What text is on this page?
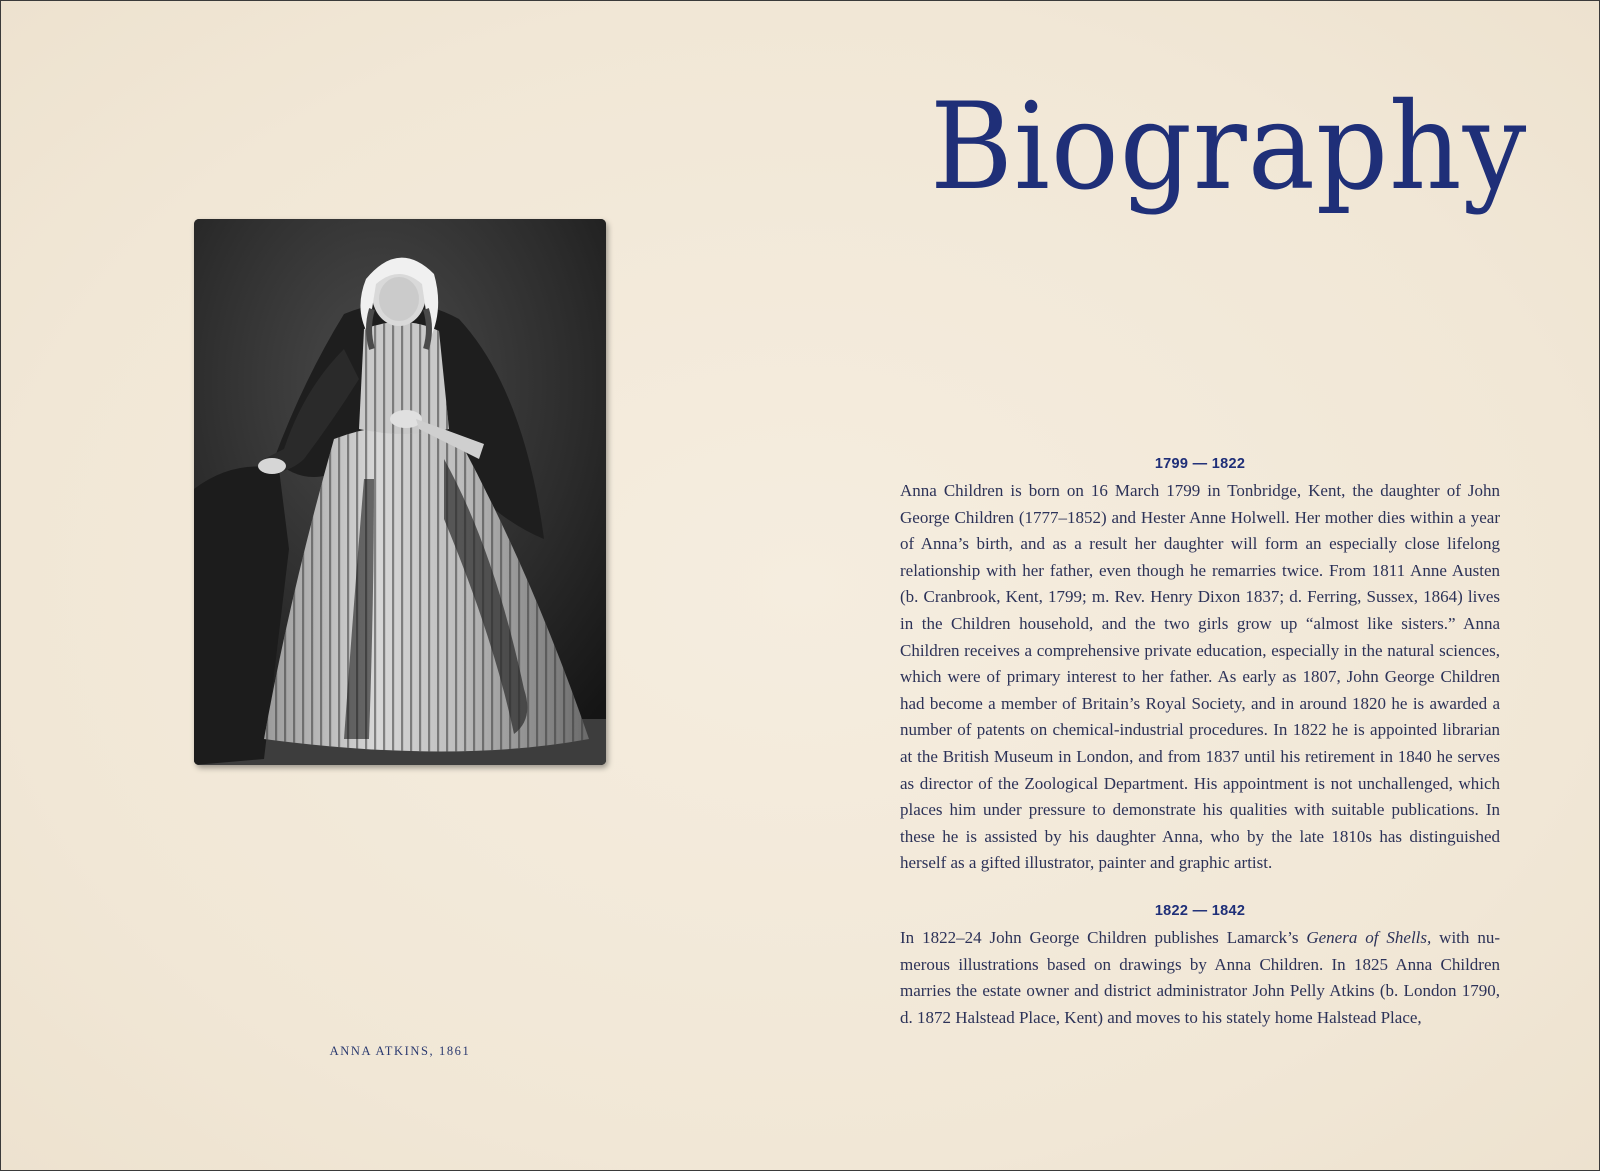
ANNA ATKINS, 1861
Biography
1799 — 1822

Anna Children is born on 16 March 1799 in Tonbridge, Kent, the daughter of John George Children (1777–1852) and Hester Anne Holwell. Her mother dies within a year of Anna’s birth, and as a result her daughter will form an especially close lifelong relationship with her father, even though he remarries twice. From 1811 Anne Austen (b. Cranbrook, Kent, 1799; m. Rev. Henry Dixon 1837; d. Ferring, Sussex, 1864) lives in the Children household, and the two girls grow up “almost like sisters.” Anna Children receives a comprehensive private education, especially in the natural sciences, which were of primary interest to her father. As early as 1807, John George Children had become a member of Britain’s Royal Society, and in around 1820 he is awarded a number of patents on chemical-industrial procedures. In 1822 he is appointed librarian at the British Museum in London, and from 1837 until his retirement in 1840 he serves as director of the Zoological Department. His appointment is not unchallenged, which places him under pressure to demonstrate his qualities with suitable publications. In these he is assisted by his daughter Anna, who by the late 1810s has distinguished herself as a gifted illustrator, painter and graphic artist.

1822 — 1842

In 1822–24 John George Children publishes Lamarck’s Genera of Shells, with numerous illustrations based on drawings by Anna Children. In 1825 Anna Children marries the estate owner and district administrator John Pelly Atkins (b. London 1790, d. 1872 Halstead Place, Kent) and moves to his stately home Halstead Place,
